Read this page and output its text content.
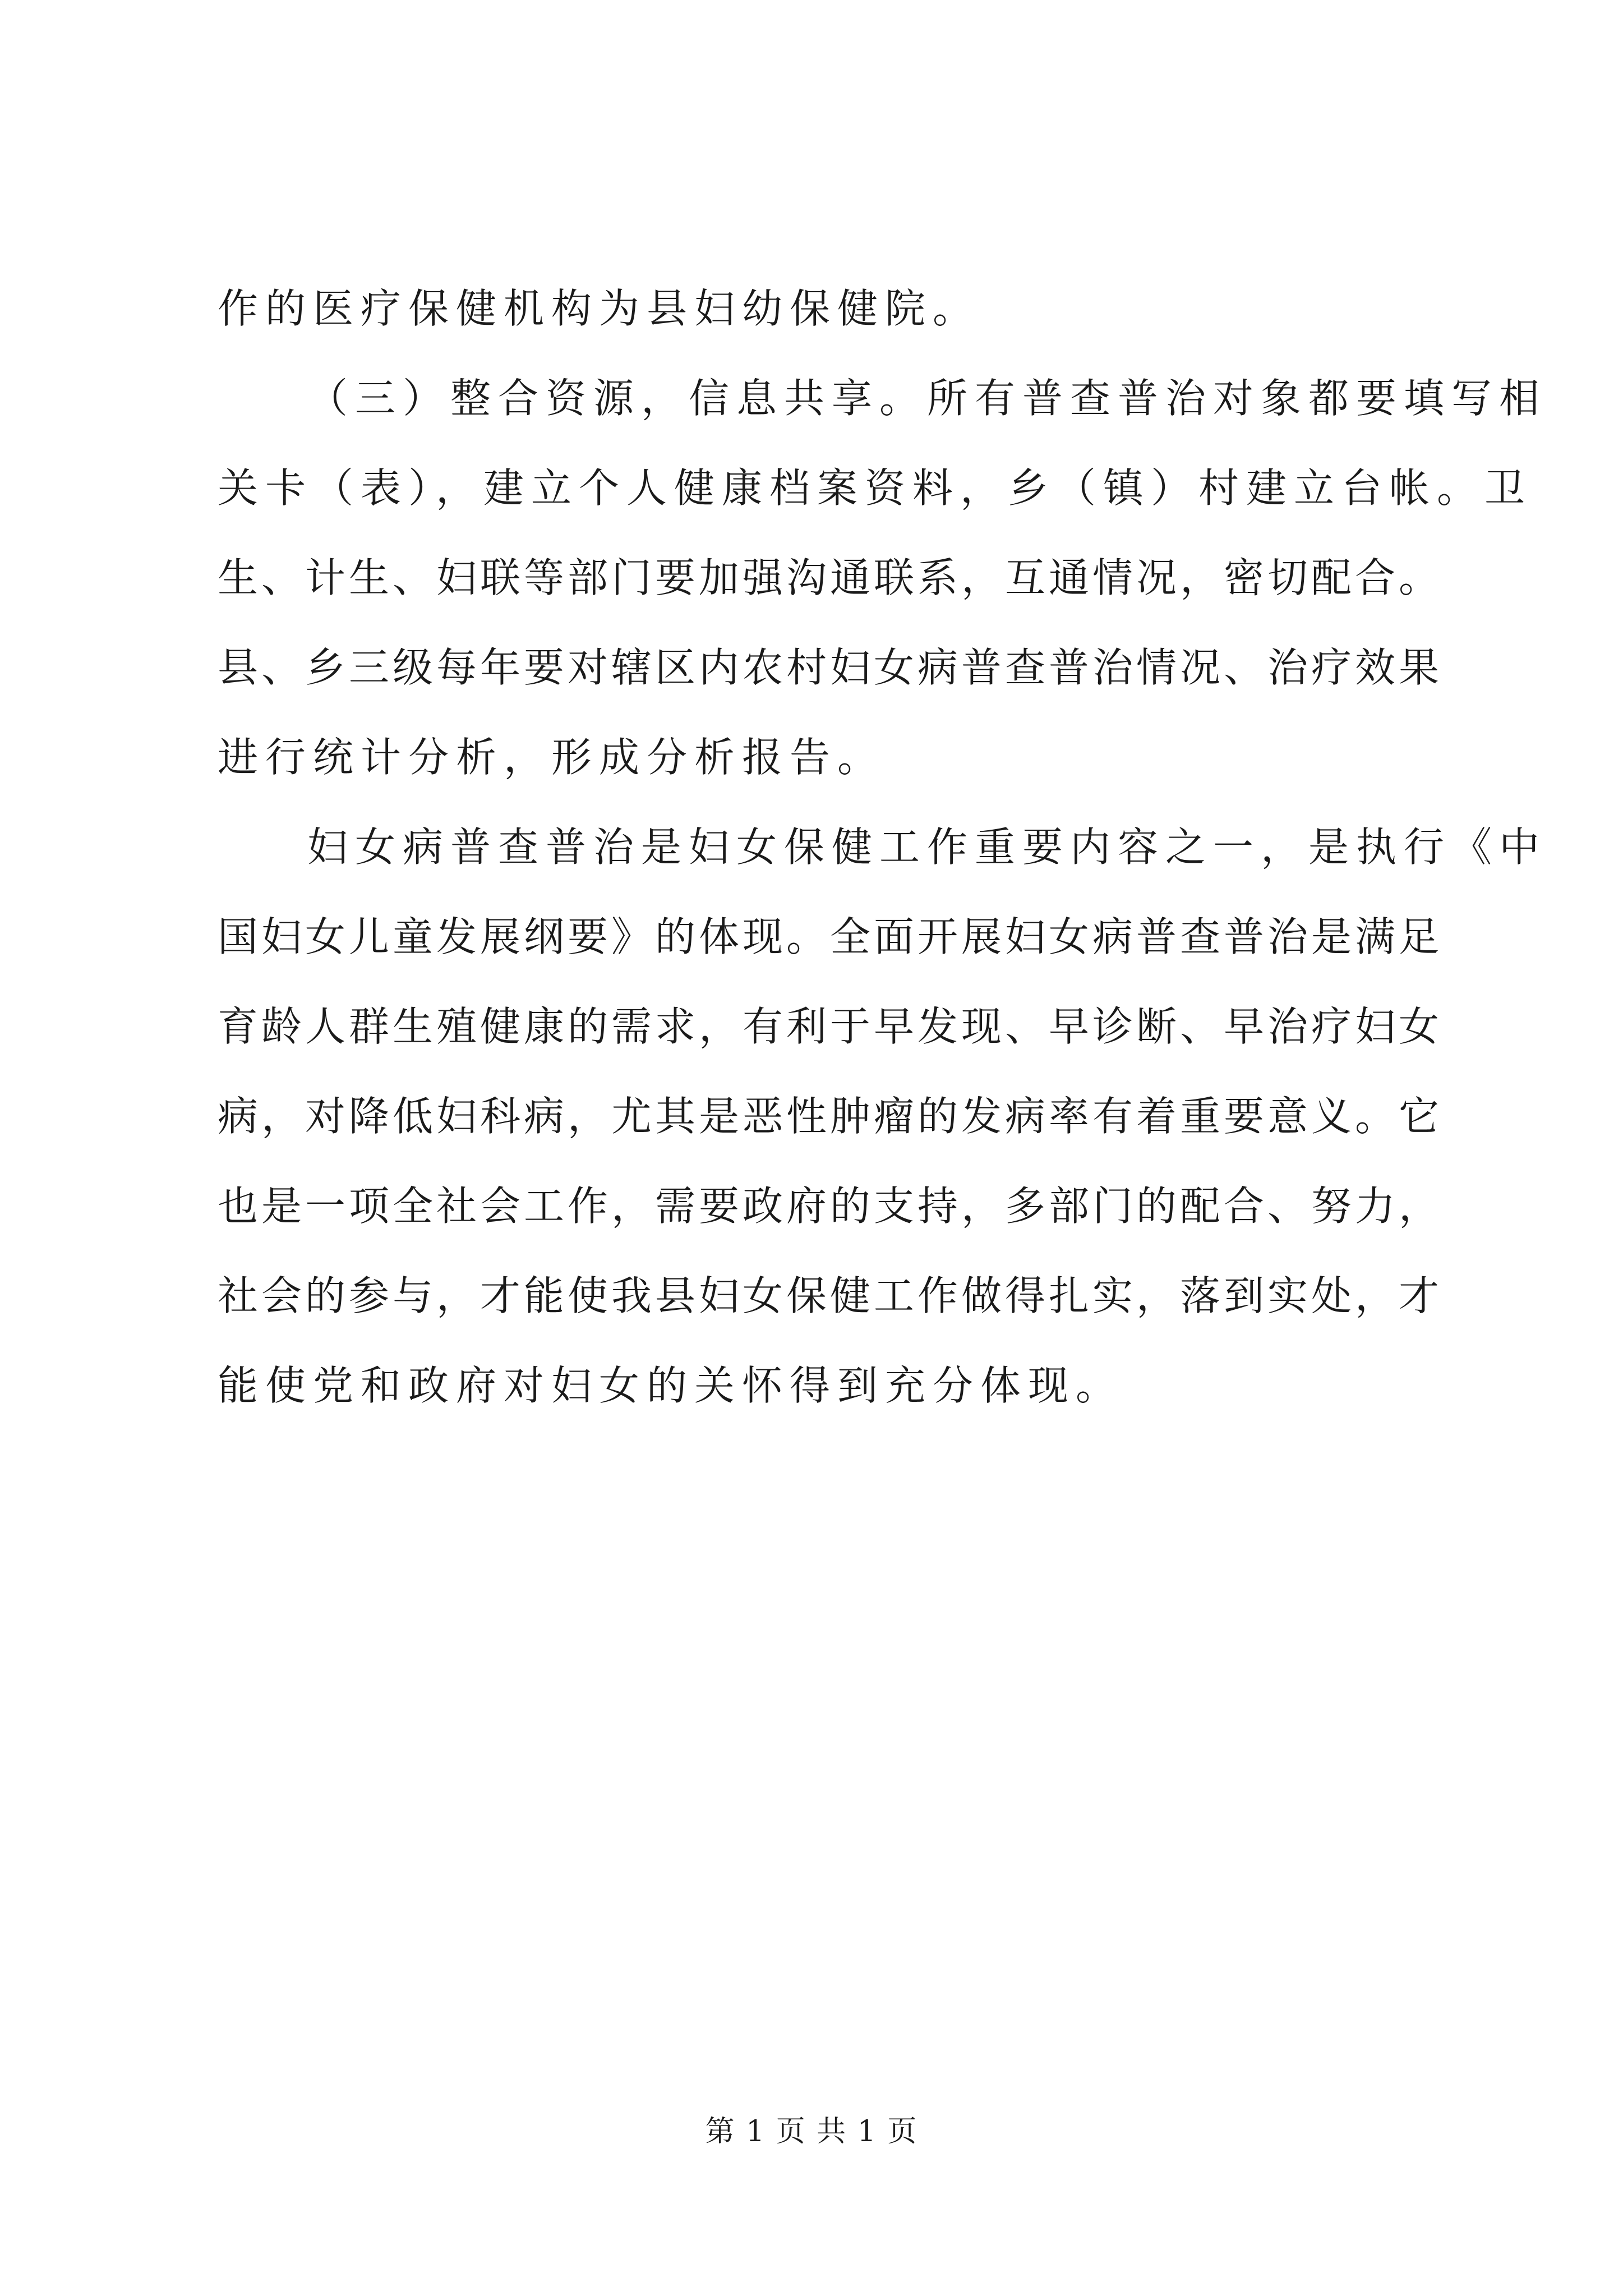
作的医疗保健机构为县妇幼保健院。
（三）整合资源，信息共享。所有普查普治对象都要填写相
关卡（表），建立个人健康档案资料，乡（镇）村建立台帐。卫
生、计生、妇联等部门要加强沟通联系，互通情况，密切配合。
县、乡三级每年要对辖区内农村妇女病普查普治情况、治疗效果
进行统计分析，形成分析报告。
妇女病普查普治是妇女保健工作重要内容之一，是执行《中
国妇女儿童发展纲要》的体现。全面开展妇女病普查普治是满足
育龄人群生殖健康的需求，有利于早发现、早诊断、早治疗妇女
病，对降低妇科病，尤其是恶性肿瘤的发病率有着重要意义。它
也是一项全社会工作，需要政府的支持，多部门的配合、努力，
社会的参与，才能使我县妇女保健工作做得扎实，落到实处，才
能使党和政府对妇女的关怀得到充分体现。
第 1 页 共 1 页
